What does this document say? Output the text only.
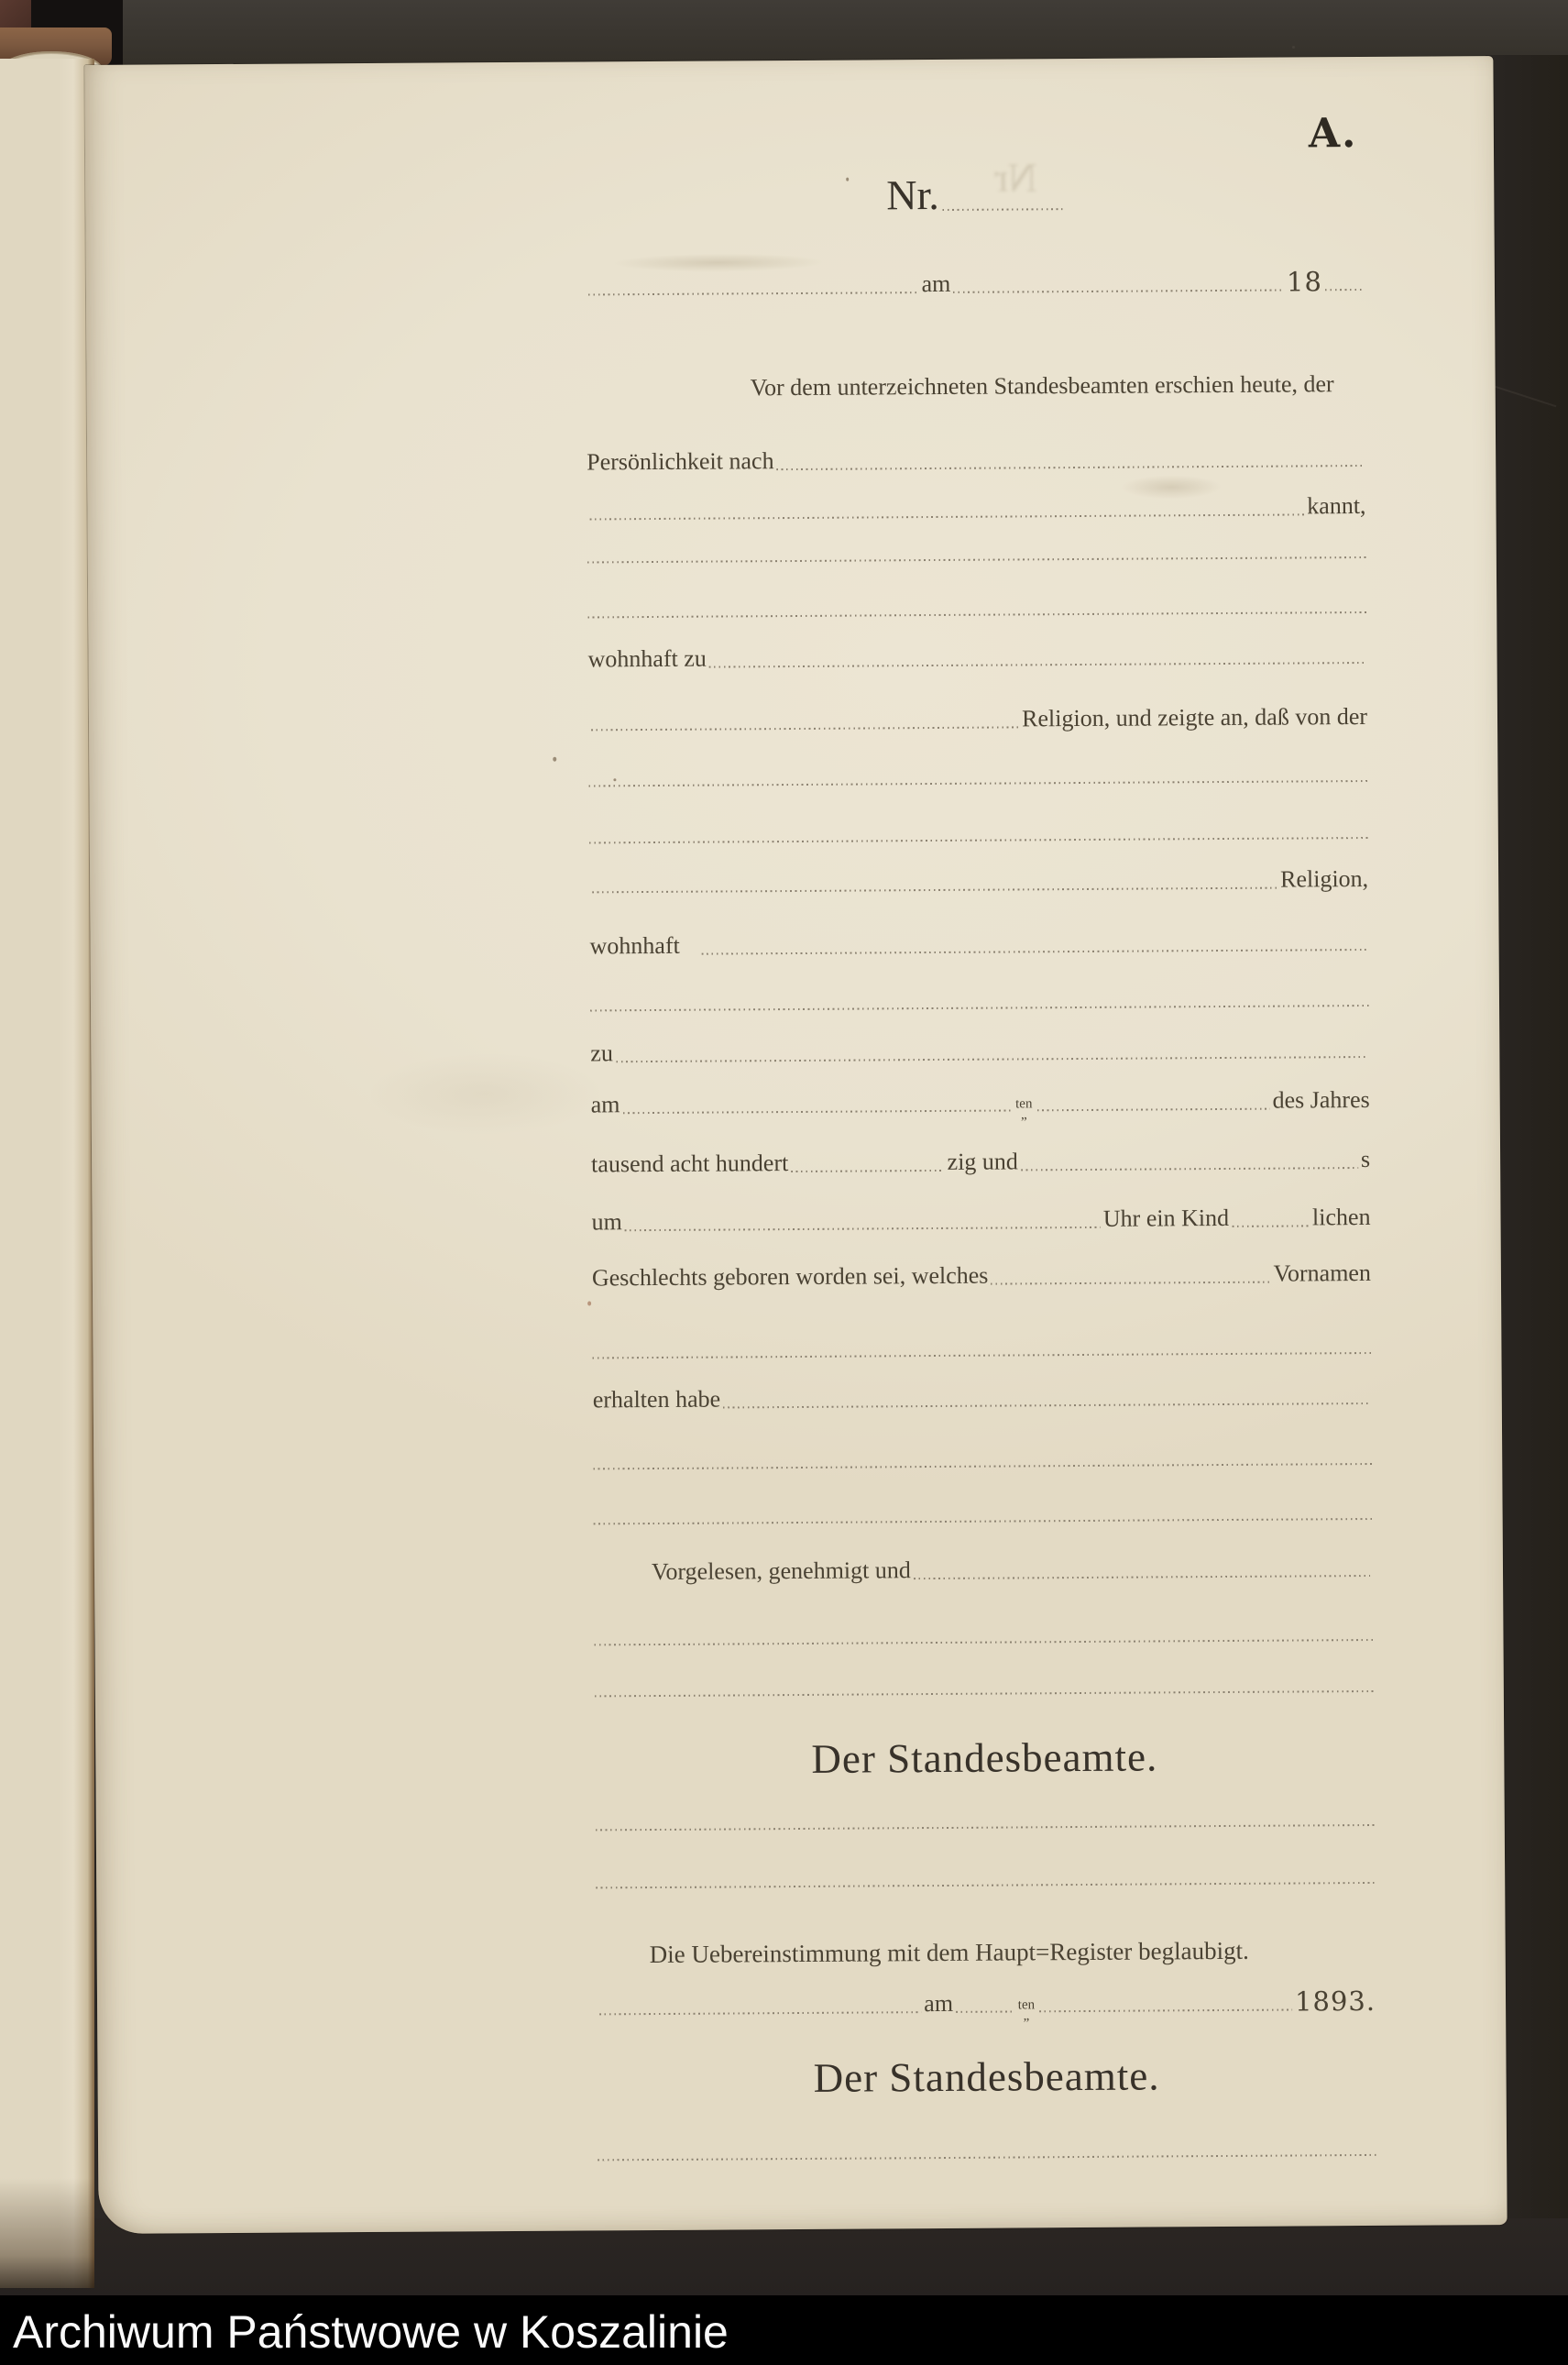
A.
Nr
Nr.
am	18
Vor dem unterzeichneten Standesbeamten erschien heute, der
Persönlichkeit nach
kannt,
wohnhaft zu
Religion, und zeigte an, daß von der
Religion,
wohnhaft
zu
am	ten
„
des Jahres
tausend acht hundert	zig und	s
um	Uhr ein Kind	lichen
Geschlechts geboren worden sei, welches	Vornamen
erhalten habe
Vorgelesen, genehmigt und
Der Standesbeamte.
Die Uebereinstimmung mit dem Haupt=Register beglaubigt.
am	ten
„	1893.
Der Standesbeamte.
Archiwum Państwowe w Koszalinie
